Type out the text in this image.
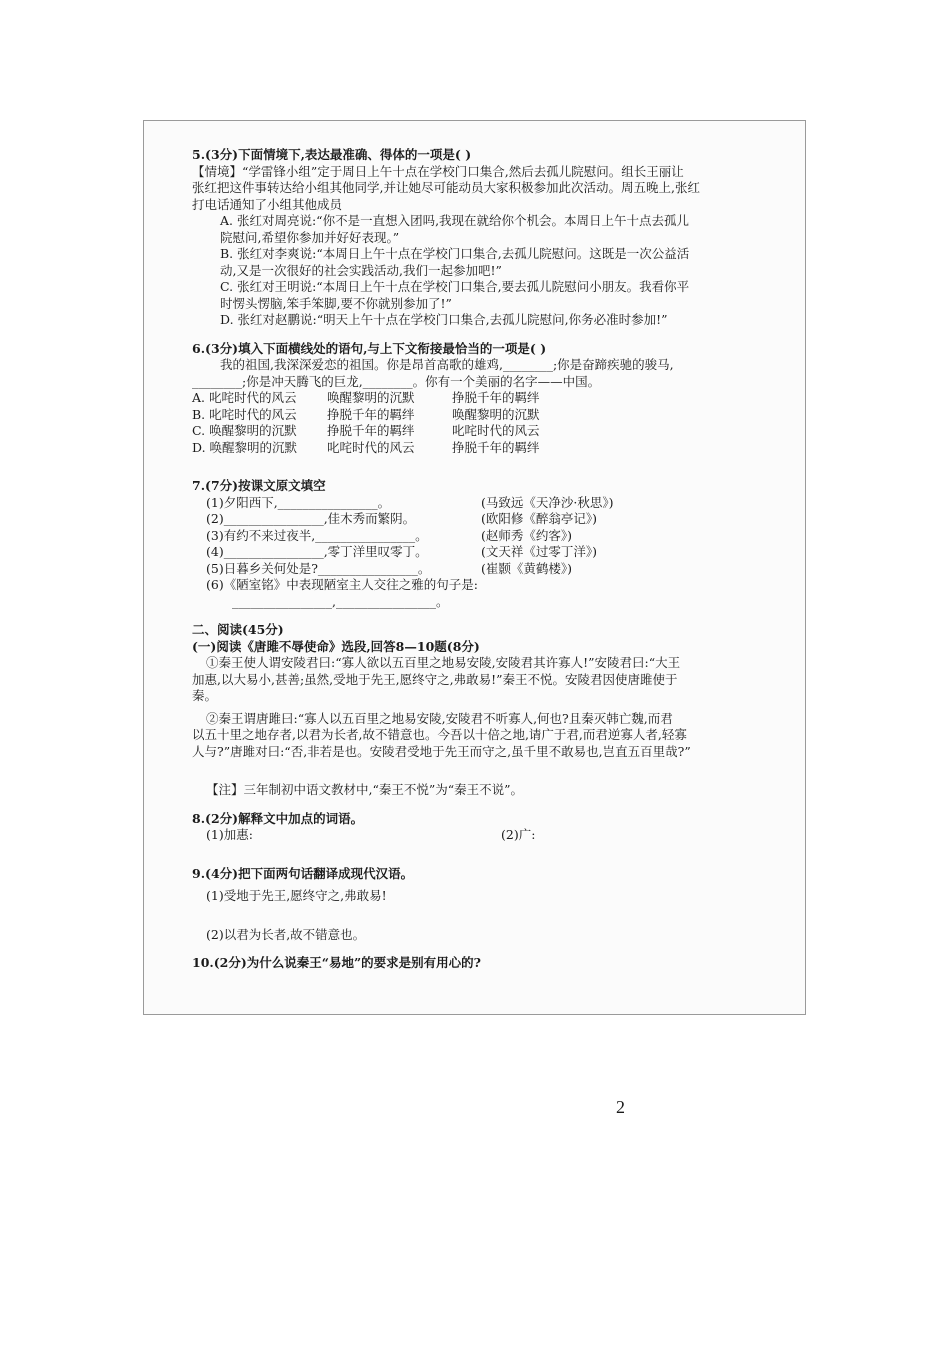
5.(3分)下面情境下,表达最准确、得体的一项是( )

【情境】“学雷锋小组”定于周日上午十点在学校门口集合,然后去孤儿院慰问。组长王丽让

张红把这件事转达给小组其他同学,并让她尽可能动员大家积极参加此次活动。周五晚上,张红

打电话通知了小组其他成员

A. 张红对周亮说:“你不是一直想入团吗,我现在就给你个机会。本周日上午十点去孤儿

院慰问,希望你参加并好好表现。”

B. 张红对李爽说:“本周日上午十点在学校门口集合,去孤儿院慰问。这既是一次公益活

动,又是一次很好的社会实践活动,我们一起参加吧!”

C. 张红对王明说:“本周日上午十点在学校门口集合,要去孤儿院慰问小朋友。我看你平

时愣头愣脑,笨手笨脚,要不你就别参加了!”

D. 张红对赵鹏说:“明天上午十点在学校门口集合,去孤儿院慰问,你务必准时参加!”

6.(3分)填入下面横线处的语句,与上下文衔接最恰当的一项是( )

我的祖国,我深深爱恋的祖国。你是昂首高歌的雄鸡,________;你是奋蹄疾驰的骏马,

________;你是冲天腾飞的巨龙,________。你有一个美丽的名字——中国。

A. 叱咤时代的风云	唤醒黎明的沉默	挣脱千年的羁绊
B. 叱咤时代的风云	挣脱千年的羁绊	唤醒黎明的沉默
C. 唤醒黎明的沉默	挣脱千年的羁绊	叱咤时代的风云
D. 唤醒黎明的沉默	叱咤时代的风云	挣脱千年的羁绊

7.(7分)按课文原文填空

(1)夕阳西下,________________。	(马致远《天净沙·秋思》)
(2)________________,佳木秀而繁阴。	(欧阳修《醉翁亭记》)
(3)有约不来过夜半,________________。	(赵师秀《约客》)
(4)________________,零丁洋里叹零丁。	(文天祥《过零丁洋》)
(5)日暮乡关何处是?________________。	(崔颢《黄鹤楼》)

(6)《陋室铭》中表现陋室主人交往之雅的句子是:

________________,________________。

二、阅读(45分)

(一)阅读《唐雎不辱使命》选段,回答8—10题(8分)

①秦王使人谓安陵君曰:“寡人欲以五百里之地易安陵,安陵君其许寡人!”安陵君曰:“大王

加惠,以大易小,甚善;虽然,受地于先王,愿终守之,弗敢易!”秦王不悦。安陵君因使唐雎使于

秦。

②秦王谓唐雎曰:“寡人以五百里之地易安陵,安陵君不听寡人,何也?且秦灭韩亡魏,而君

以五十里之地存者,以君为长者,故不错意也。今吾以十倍之地,请广于君,而君逆寡人者,轻寡

人与?”唐雎对曰:“否,非若是也。安陵君受地于先王而守之,虽千里不敢易也,岂直五百里哉?”

【注】三年制初中语文教材中,“秦王不悦”为“秦王不说”。

8.(2分)解释文中加点的词语。

(1)加惠:	(2)广:

9.(4分)把下面两句话翻译成现代汉语。

(1)受地于先王,愿终守之,弗敢易!

(2)以君为长者,故不错意也。

10.(2分)为什么说秦王“易地”的要求是别有用心的?

2
